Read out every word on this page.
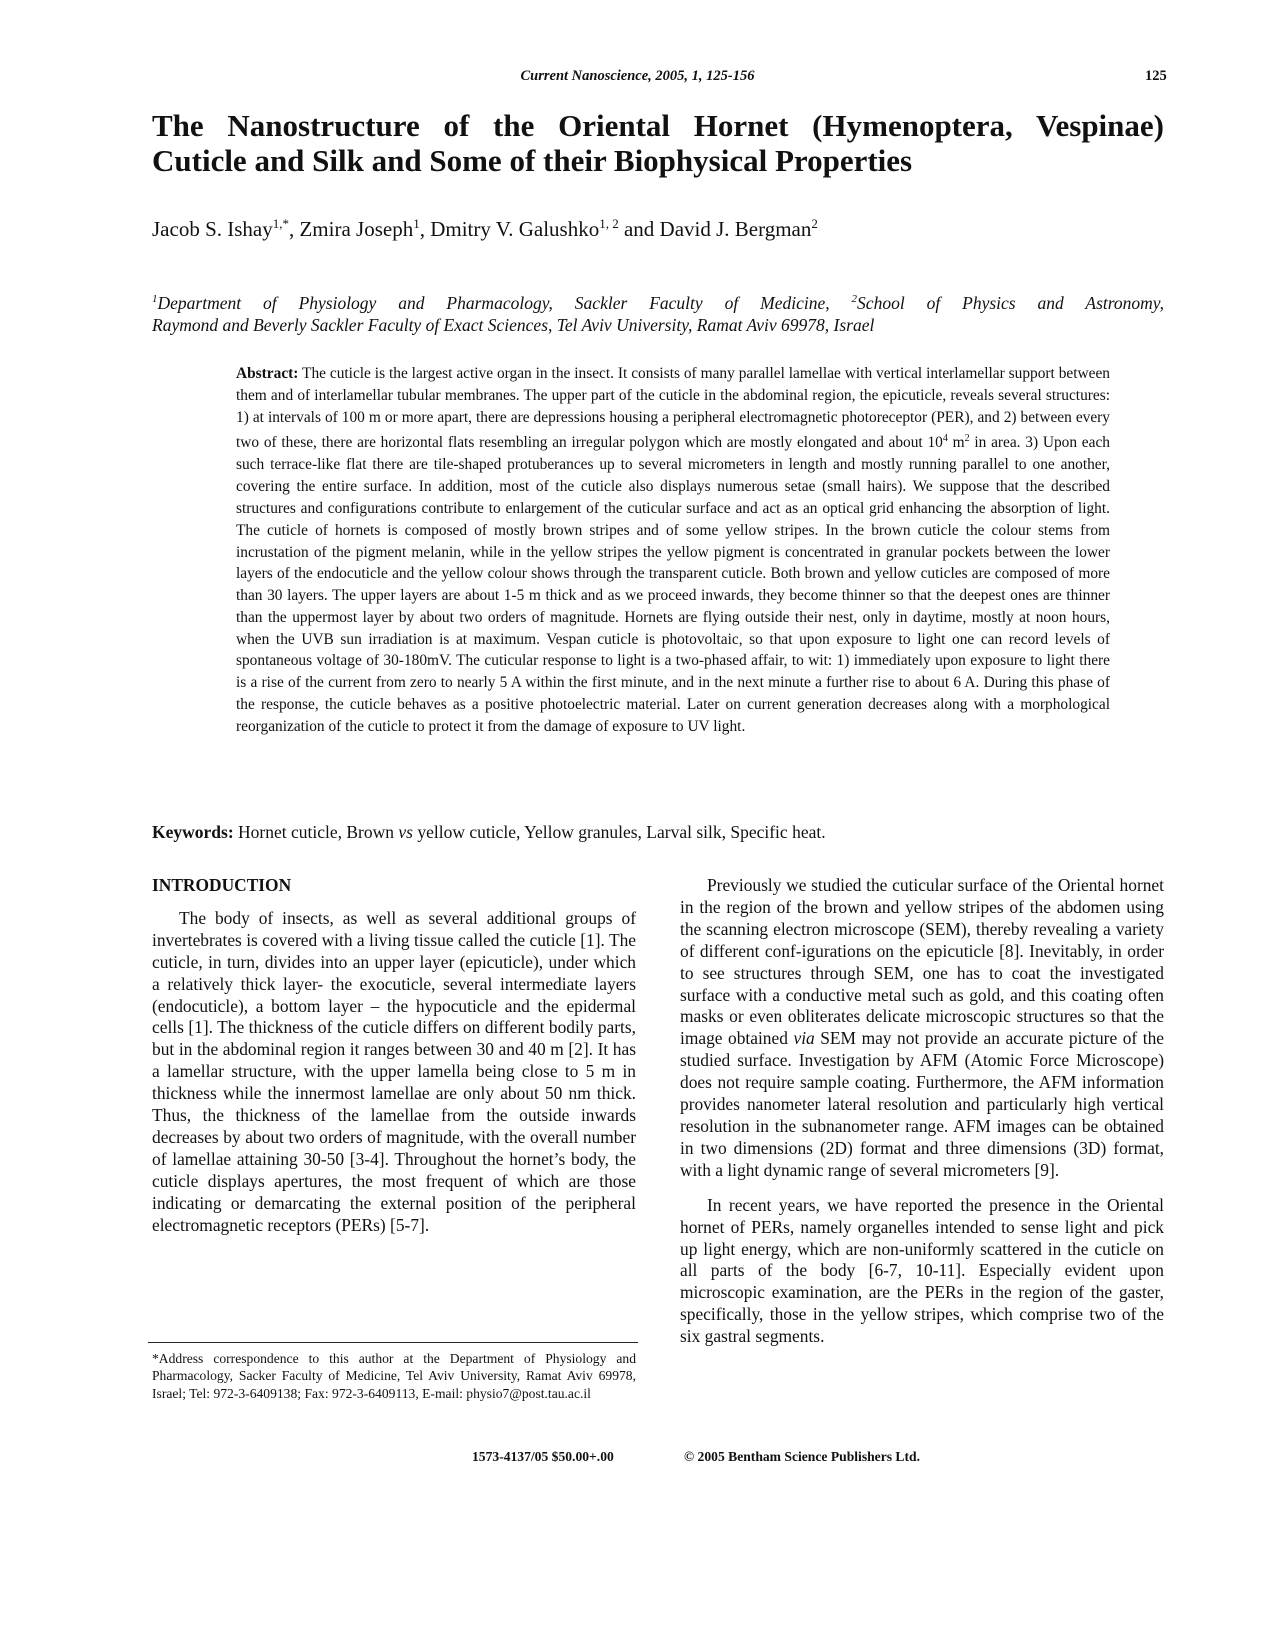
Current Nanoscience, 2005, 1, 125-156	125
The Nanostructure of the Oriental Hornet (Hymenoptera, Vespinae)
Cuticle and Silk and Some of their Biophysical Properties
Jacob S. Ishay$^{1,*}$, Zmira Joseph$^1$, Dmitry V. Galushko$^{1, 2}$ and David J. Bergman$^2$
$^1$Department of Physiology and Pharmacology, Sackler Faculty of Medicine, $^2$School of Physics and Astronomy,
Raymond and Beverly Sackler Faculty of Exact Sciences, Tel Aviv University, Ramat Aviv 69978, Israel
Abstract: The cuticle is the largest active organ in the insect. It consists of many parallel lamellae with vertical interlamellar support between them and of interlamellar tubular membranes. The upper part of the cuticle in the abdominal region, the epicuticle, reveals several structures: 1) at intervals of 100 m or more apart, there are depressions housing a peripheral electromagnetic photoreceptor (PER), and 2) between every two of these, there are horizontal flats resembling an irregular polygon which are mostly elongated and about $10^4$ $m^2$ in area. 3) Upon each such terrace-like flat there are tile-shaped protuberances up to several micrometers in length and mostly running parallel to one another, covering the entire surface. In addition, most of the cuticle also displays numerous setae (small hairs). We suppose that the described structures and configurations contribute to enlargement of the cuticular surface and act as an optical grid enhancing the absorption of light. The cuticle of hornets is composed of mostly brown stripes and of some yellow stripes. In the brown cuticle the colour stems from incrustation of the pigment melanin, while in the yellow stripes the yellow pigment is concentrated in granular pockets between the lower layers of the endocuticle and the yellow colour shows through the transparent cuticle. Both brown and yellow cuticles are composed of more than 30 layers. The upper layers are about 1-5 m thick and as we proceed inwards, they become thinner so that the deepest ones are thinner than the uppermost layer by about two orders of magnitude. Hornets are flying outside their nest, only in daytime, mostly at noon hours, when the UVB sun irradiation is at maximum. Vespan cuticle is photovoltaic, so that upon exposure to light one can record levels of spontaneous voltage of 30-180mV. The cuticular response to light is a two-phased affair, to wit: 1) immediately upon exposure to light there is a rise of the current from zero to nearly 5 A within the first minute, and in the next minute a further rise to about 6 A. During this phase of the response, the cuticle behaves as a positive photoelectric material. Later on current generation decreases along with a morphological reorganization of the cuticle to protect it from the damage of exposure to UV light.
Keywords: Hornet cuticle, Brown vs yellow cuticle, Yellow granules, Larval silk, Specific heat.
INTRODUCTION

The body of insects, as well as several additional groups of invertebrates is covered with a living tissue called the cuticle [1]. The cuticle, in turn, divides into an upper layer (epicuticle), under which a relatively thick layer- the exocuticle, several intermediate layers (endocuticle), a bottom layer – the hypocuticle and the epidermal cells [1]. The thickness of the cuticle differs on different bodily parts, but in the abdominal region it ranges between 30 and 40 m [2]. It has a lamellar structure, with the upper lamella being close to 5 m in thickness while the innermost lamellae are only about 50 nm thick. Thus, the thickness of the lamellae from the outside inwards decreases by about two orders of magnitude, with the overall number of lamellae attaining 30-50 [3-4]. Throughout the hornet’s body, the cuticle displays apertures, the most frequent of which are those indicating or demarcating the external position of the peripheral electromagnetic receptors (PERs) [5-7].

Previously we studied the cuticular surface of the Oriental hornet in the region of the brown and yellow stripes of the abdomen using the scanning electron microscope (SEM), thereby revealing a variety of different conf-igurations on the epicuticle [8]. Inevitably, in order to see structures through SEM, one has to coat the investigated surface with a conductive metal such as gold, and this coating often masks or even obliterates delicate microscopic structures so that the image obtained via SEM may not provide an accurate picture of the studied surface. Investigation by AFM (Atomic Force Microscope) does not require sample coating. Furthermore, the AFM information provides nanometer lateral resolution and particularly high vertical resolution in the subnanometer range. AFM images can be obtained in two dimensions (2D) format and three dimensions (3D) format, with a light dynamic range of several micrometers [9].

In recent years, we have reported the presence in the Oriental hornet of PERs, namely organelles intended to sense light and pick up light energy, which are non-uniformly scattered in the cuticle on all parts of the body [6-7, 10-11]. Especially evident upon microscopic examination, are the PERs in the region of the gaster, specifically, those in the yellow stripes, which comprise two of the six gastral segments.

*Address correspondence to this author at the Department of Physiology and Pharmacology, Sacker Faculty of Medicine, Tel Aviv University, Ramat Aviv 69978, Israel; Tel: 972-3-6409138; Fax: 972-3-6409113, E-mail: physio7@post.tau.ac.il
1573-4137/05 $50.00+.00	© 2005 Bentham Science Publishers Ltd.
